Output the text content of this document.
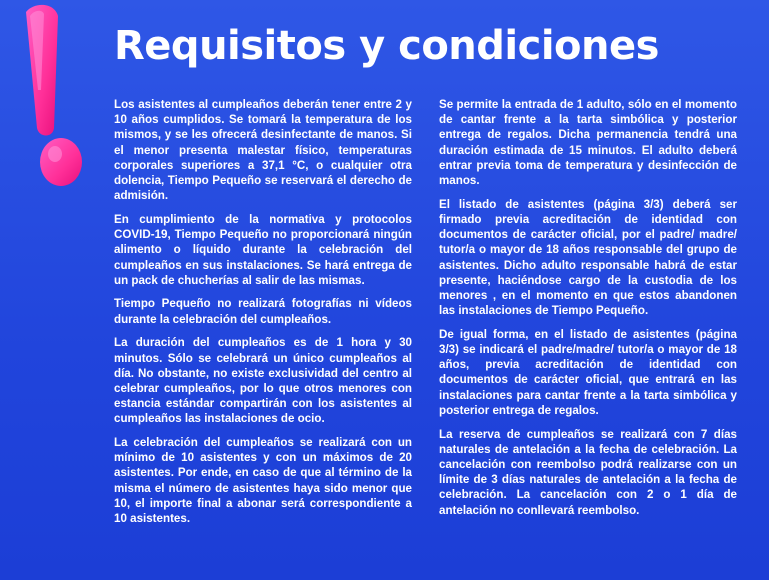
Requisitos y condiciones

Los asistentes al cumpleaños deberán tener entre 2 y 10 años cumplidos. Se tomará la temperatura de los mismos, y se les ofrecerá desinfectante de manos. Si el menor presenta malestar físico, temperaturas corporales superiores a 37,1 °C, o cualquier otra dolencia, Tiempo Pequeño se reservará el derecho de admisión.

En cumplimiento de la normativa y protocolos COVID-19, Tiempo Pequeño no proporcionará ningún alimento o líquido durante la celebración del cumpleaños en sus instalaciones. Se hará entrega de un pack de chucherías al salir de las mismas.

Tiempo Pequeño no realizará fotografías ni vídeos durante la celebración del cumpleaños.

La duración del cumpleaños es de 1 hora y 30 minutos. Sólo se celebrará un único cumpleaños al día. No obstante, no existe exclusividad del centro al celebrar cumpleaños, por lo que otros menores con estancia estándar compartirán con los asistentes al cumpleaños las instalaciones de ocio.

La celebración del cumpleaños se realizará con un mínimo de 10 asistentes y con un máximos de 20 asistentes. Por ende, en caso de que al término de la misma el número de asistentes haya sido menor que 10, el importe final a abonar será correspondiente a 10 asistentes.

Se permite la entrada de 1 adulto, sólo en el momento de cantar frente a la tarta simbólica y posterior entrega de regalos. Dicha permanencia tendrá una duración estimada de 15 minutos. El adulto deberá entrar previa toma de temperatura y desinfección de manos.

El listado de asistentes (página 3/3) deberá ser firmado previa acreditación de identidad con documentos de carácter oficial, por el padre/ madre/ tutor/a o mayor de 18 años responsable del grupo de asistentes. Dicho adulto responsable habrá de estar presente, haciéndose cargo de la custodia de los menores , en el momento en que estos abandonen las instalaciones de Tiempo Pequeño.

De igual forma, en el listado de asistentes (página 3/3) se indicará el padre/madre/ tutor/a o mayor de 18 años, previa acreditación de identidad con documentos de carácter oficial, que entrará en las instalaciones para cantar frente a la tarta simbólica y posterior entrega de regalos.

La reserva de cumpleaños se realizará con 7 días naturales de antelación a la fecha de celebración. La cancelación con reembolso podrá realizarse con un límite de 3 días naturales de antelación a la fecha de celebración. La cancelación con 2 o 1 día de antelación no conllevará reembolso.
